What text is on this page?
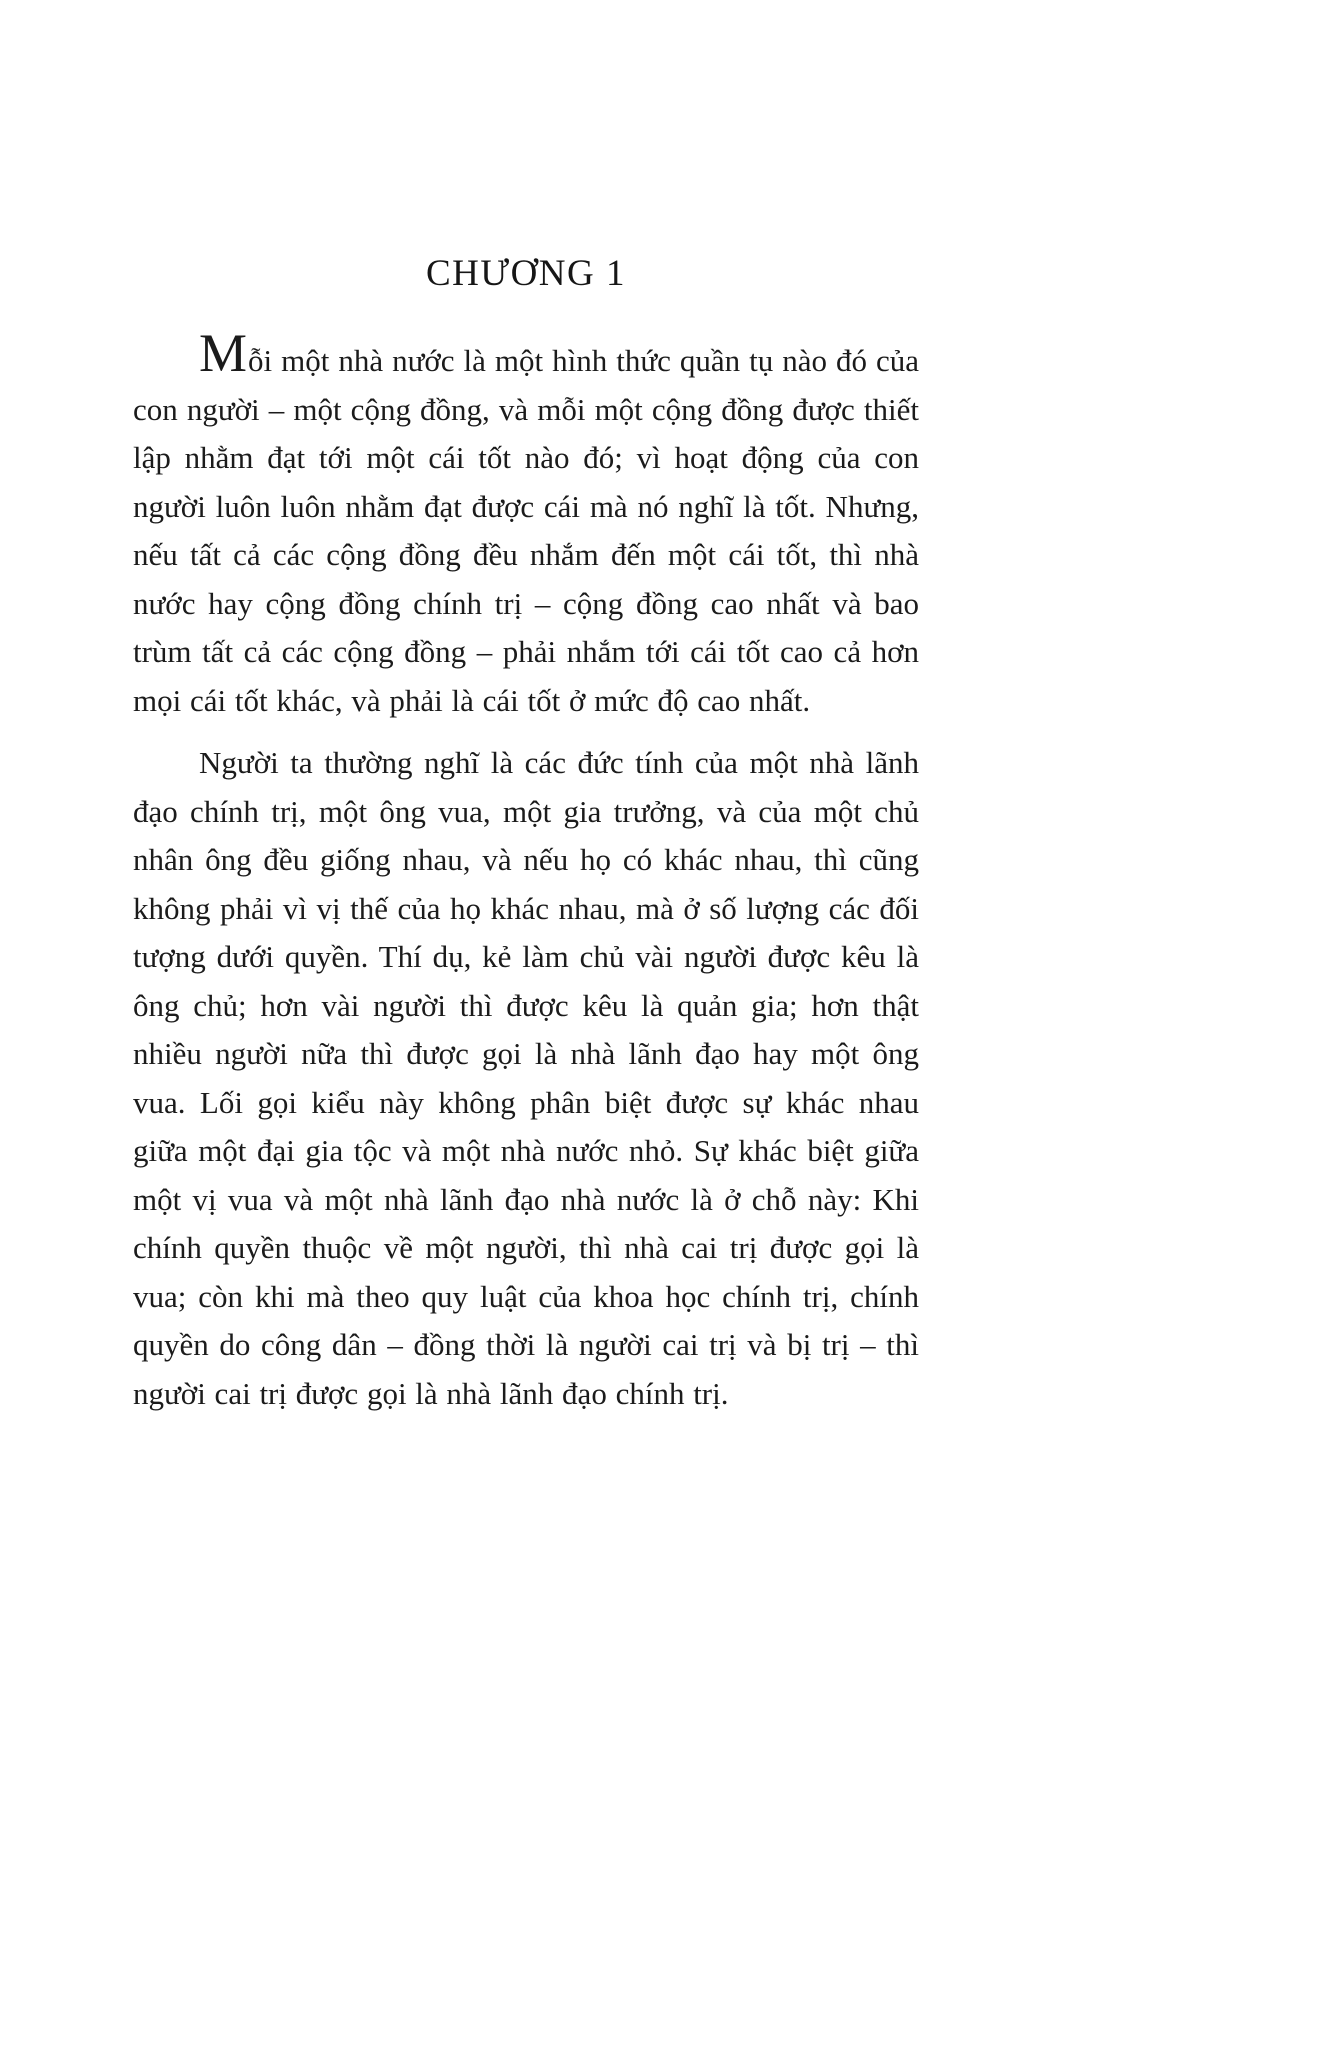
CHƯƠNG 1

Mỗi một nhà nước là một hình thức quần tụ nào đó của con người – một cộng đồng, và mỗi một cộng đồng được thiết lập nhằm đạt tới một cái tốt nào đó; vì hoạt động của con người luôn luôn nhằm đạt được cái mà nó nghĩ là tốt. Nhưng, nếu tất cả các cộng đồng đều nhắm đến một cái tốt, thì nhà nước hay cộng đồng chính trị – cộng đồng cao nhất và bao trùm tất cả các cộng đồng – phải nhắm tới cái tốt cao cả hơn mọi cái tốt khác, và phải là cái tốt ở mức độ cao nhất.

Người ta thường nghĩ là các đức tính của một nhà lãnh đạo chính trị, một ông vua, một gia trưởng, và của một chủ nhân ông đều giống nhau, và nếu họ có khác nhau, thì cũng không phải vì vị thế của họ khác nhau, mà ở số lượng các đối tượng dưới quyền. Thí dụ, kẻ làm chủ vài người được kêu là ông chủ; hơn vài người thì được kêu là quản gia; hơn thật nhiều người nữa thì được gọi là nhà lãnh đạo hay một ông vua. Lối gọi kiểu này không phân biệt được sự khác nhau giữa một đại gia tộc và một nhà nước nhỏ. Sự khác biệt giữa một vị vua và một nhà lãnh đạo nhà nước là ở chỗ này: Khi chính quyền thuộc về một người, thì nhà cai trị được gọi là vua; còn khi mà theo quy luật của khoa học chính trị, chính quyền do công dân – đồng thời là người cai trị và bị trị – thì người cai trị được gọi là nhà lãnh đạo chính trị.
